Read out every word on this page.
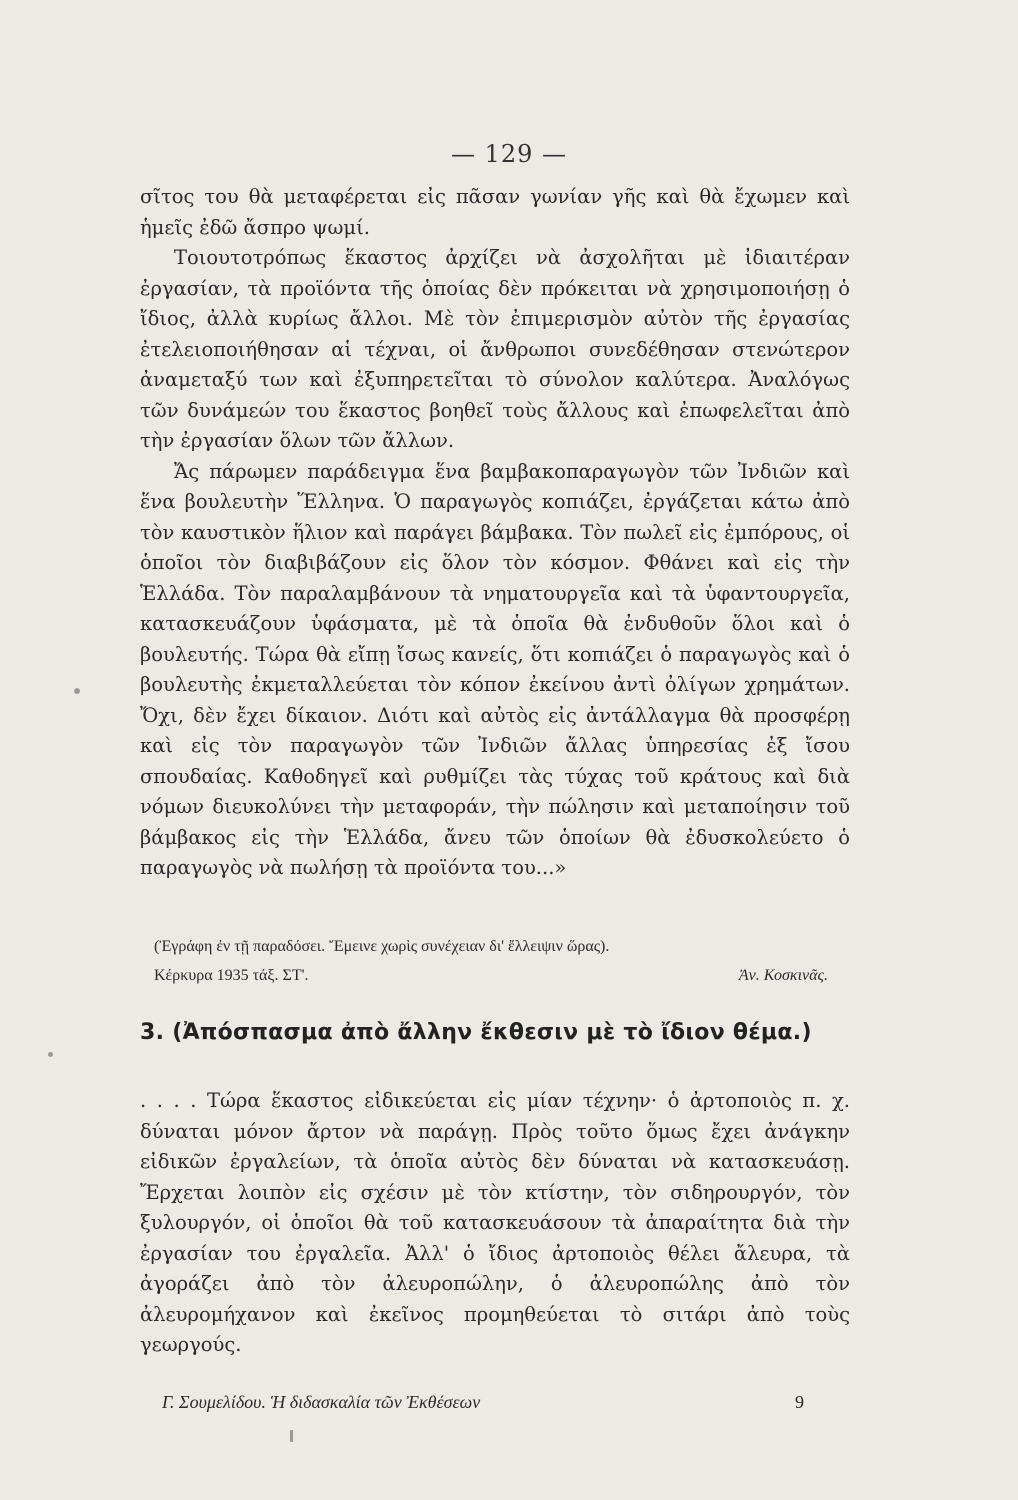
— 129 —

σῖτος του θὰ μεταφέρεται εἰς πᾶσαν γωνίαν γῆς καὶ θὰ ἔχωμεν καὶ ἡμεῖς ἐδῶ ἄσπρο ψωμί.

Τοιουτοτρόπως ἕκαστος ἀρχίζει νὰ ἀσχολῆται μὲ ἰδιαιτέραν ἐργασίαν, τὰ προϊόντα τῆς ὁποίας δὲν πρόκειται νὰ χρησιμοποιήσῃ ὁ ἴδιος, ἀλλὰ κυρίως ἄλλοι. Μὲ τὸν ἐπιμερισμὸν αὐτὸν τῆς ἐργασίας ἐτελειοποιήθησαν αἱ τέχναι, οἱ ἄνθρωποι συνεδέθησαν στενώτερον ἀναμεταξύ των καὶ ἐξυπηρετεῖται τὸ σύνολον καλύτερα. Ἀναλόγως τῶν δυνάμεών του ἕκαστος βοηθεῖ τοὺς ἄλλους καὶ ἐπωφελεῖται ἀπὸ τὴν ἐργασίαν ὅλων τῶν ἄλλων.

Ἄς πάρωμεν παράδειγμα ἕνα βαμβακοπαραγωγὸν τῶν Ἰνδιῶν καὶ ἕνα βουλευτὴν Ἕλληνα. Ὁ παραγωγὸς κοπιάζει, ἐργάζεται κάτω ἀπὸ τὸν καυστικὸν ἥλιον καὶ παράγει βάμβακα. Τὸν πωλεῖ εἰς ἐμπόρους, οἱ ὁποῖοι τὸν διαβιβάζουν εἰς ὅλον τὸν κόσμον. Φθάνει καὶ εἰς τὴν Ἑλλάδα. Τὸν παραλαμβάνουν τὰ νηματουργεῖα καὶ τὰ ὑφαντουργεῖα, κατασκευάζουν ὑφάσματα, μὲ τὰ ὁποῖα θὰ ἐνδυθοῦν ὅλοι καὶ ὁ βουλευτής. Τώρα θὰ εἴπῃ ἴσως κανείς, ὅτι κοπιάζει ὁ παραγωγὸς καὶ ὁ βουλευτὴς ἐκμεταλλεύεται τὸν κόπον ἐκείνου ἀντὶ ὀλίγων χρημάτων. Ὄχι, δὲν ἔχει δίκαιον. Διότι καὶ αὐτὸς εἰς ἀντάλλαγμα θὰ προσφέρῃ καὶ εἰς τὸν παραγωγὸν τῶν Ἰνδιῶν ἄλλας ὑπηρεσίας ἐξ ἴσου σπουδαίας. Καθοδηγεῖ καὶ ρυθμίζει τὰς τύχας τοῦ κράτους καὶ διὰ νόμων διευκολύνει τὴν μεταφοράν, τὴν πώλησιν καὶ μεταποίησιν τοῦ βάμβακος εἰς τὴν Ἑλλάδα, ἄνευ τῶν ὁποίων θὰ ἐδυσκολεύετο ὁ παραγωγὸς νὰ πωλήσῃ τὰ προϊόντα του...»

(Ἐγράφη ἐν τῇ παραδόσει. Ἔμεινε χωρὶς συνέχειαν δι' ἔλλειψιν ὥρας).
Κέρκυρα 1935 τάξ. ΣΤ'.	Ἀν. Κοσκινᾶς.
3. (Ἀπόσπασμα ἀπὸ ἄλλην ἔκθεσιν μὲ τὸ ἴδιον θέμα.)

. . . . Τώρα ἕκαστος εἰδικεύεται εἰς μίαν τέχνην· ὁ ἀρτοποιὸς π. χ. δύναται μόνον ἄρτον νὰ παράγῃ. Πρὸς τοῦτο ὅμως ἔχει ἀνάγκην εἰδικῶν ἐργαλείων, τὰ ὁποῖα αὐτὸς δὲν δύναται νὰ κατασκευάσῃ. Ἔρχεται λοιπὸν εἰς σχέσιν μὲ τὸν κτίστην, τὸν σιδηρουργόν, τὸν ξυλουργόν, οἱ ὁποῖοι θὰ τοῦ κατασκευάσουν τὰ ἀπαραίτητα διὰ τὴν ἐργασίαν του ἐργαλεῖα. Ἀλλ' ὁ ἴδιος ἀρτοποιὸς θέλει ἄλευρα, τὰ ἀγοράζει ἀπὸ τὸν ἀλευροπώλην, ὁ ἀλευροπώλης ἀπὸ τὸν ἀλευρομήχανον καὶ ἐκεῖνος προμηθεύεται τὸ σιτάρι ἀπὸ τοὺς γεωργούς.

Γ. Σουμελίδου. Ἡ διδασκαλία τῶν Ἐκθέσεων	9
